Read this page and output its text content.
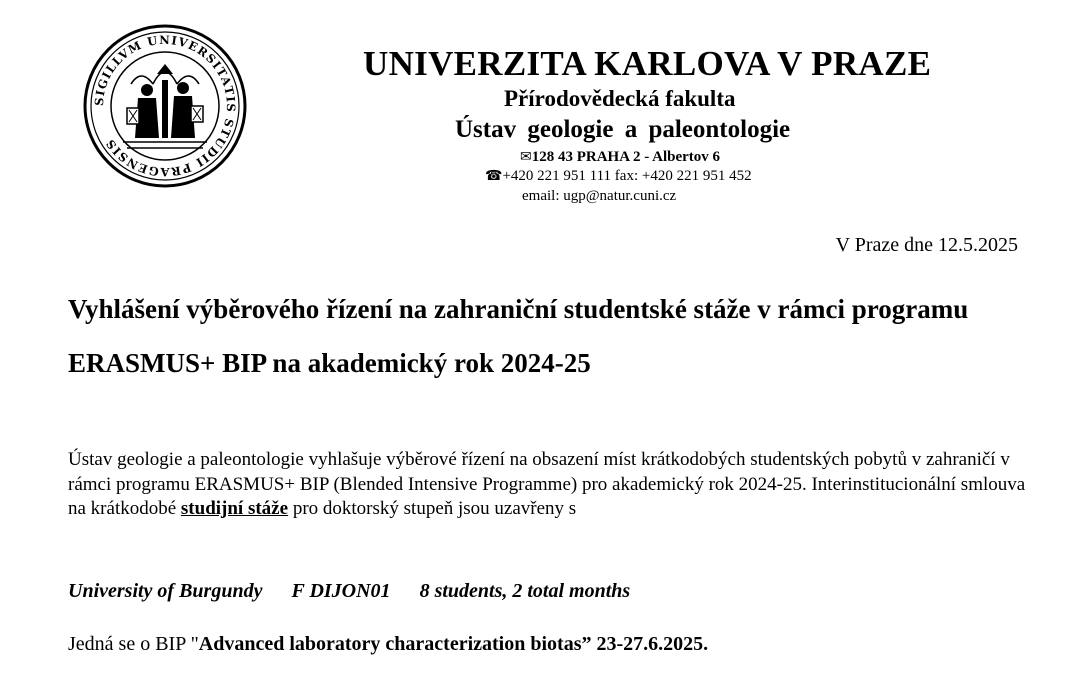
SIGILLVM UNIVERSITATIS STUDII PRAGENSIS
UNIVERZITA KARLOVA V PRAZE
Přírodovědecká fakulta
Ústav geologie a paleontologie
✉128 43 PRAHA 2 - Albertov 6
☎+420 221 951 111 fax: +420 221 951 452
email: ugp@natur.cuni.cz
V Praze dne 12.5.2025
Vyhlášení výběrového řízení na zahraniční studentské stáže v rámci programu ERASMUS+ BIP na akademický rok 2024-25
Ústav geologie a paleontologie vyhlašuje výběrové řízení na obsazení míst krátkodobých studentských pobytů v zahraničí v rámci programu ERASMUS+ BIP (Blended Intensive Programme) pro akademický rok 2024-25. Interinstitucionální smlouva na krátkodobé studijní stáže pro doktorský stupeň jsou uzavřeny s
University of Burgundy F DIJON01 8 students, 2 total months
Jedná se o BIP "Advanced laboratory characterization biotas” 23-27.6.2025.
